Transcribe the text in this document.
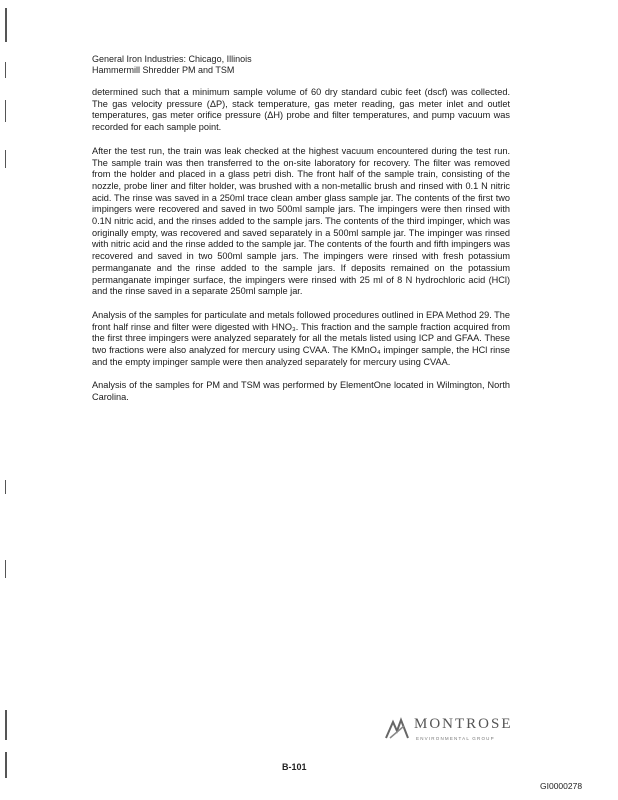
General Iron Industries: Chicago, Illinois
Hammermill Shredder PM and TSM

determined such that a minimum sample volume of 60 dry standard cubic feet (dscf) was collected. The gas velocity pressure (ΔP), stack temperature, gas meter reading, gas meter inlet and outlet temperatures, gas meter orifice pressure (ΔH) probe and filter temperatures, and pump vacuum was recorded for each sample point.

After the test run, the train was leak checked at the highest vacuum encountered during the test run. The sample train was then transferred to the on-site laboratory for recovery. The filter was removed from the holder and placed in a glass petri dish. The front half of the sample train, consisting of the nozzle, probe liner and filter holder, was brushed with a non-metallic brush and rinsed with 0.1 N nitric acid. The rinse was saved in a 250ml trace clean amber glass sample jar. The contents of the first two impingers were recovered and saved in two 500ml sample jars. The impingers were then rinsed with 0.1N nitric acid, and the rinses added to the sample jars. The contents of the third impinger, which was originally empty, was recovered and saved separately in a 500ml sample jar. The impinger was rinsed with nitric acid and the rinse added to the sample jar. The contents of the fourth and fifth impingers was recovered and saved in two 500ml sample jars. The impingers were rinsed with fresh potassium permanganate and the rinse added to the sample jars. If deposits remained on the potassium permanganate impinger surface, the impingers were rinsed with 25 ml of 8 N hydrochloric acid (HCl) and the rinse saved in a separate 250ml sample jar.

Analysis of the samples for particulate and metals followed procedures outlined in EPA Method 29. The front half rinse and filter were digested with HNO₃. This fraction and the sample fraction acquired from the first three impingers were analyzed separately for all the metals listed using ICP and GFAA. These two fractions were also analyzed for mercury using CVAA. The KMnO₄ impinger sample, the HCl rinse and the empty impinger sample were then analyzed separately for mercury using CVAA.

Analysis of the samples for PM and TSM was performed by ElementOne located in Wilmington, North Carolina.

MONTROSE
ENVIRONMENTAL GROUP
B-101
GI0000278
